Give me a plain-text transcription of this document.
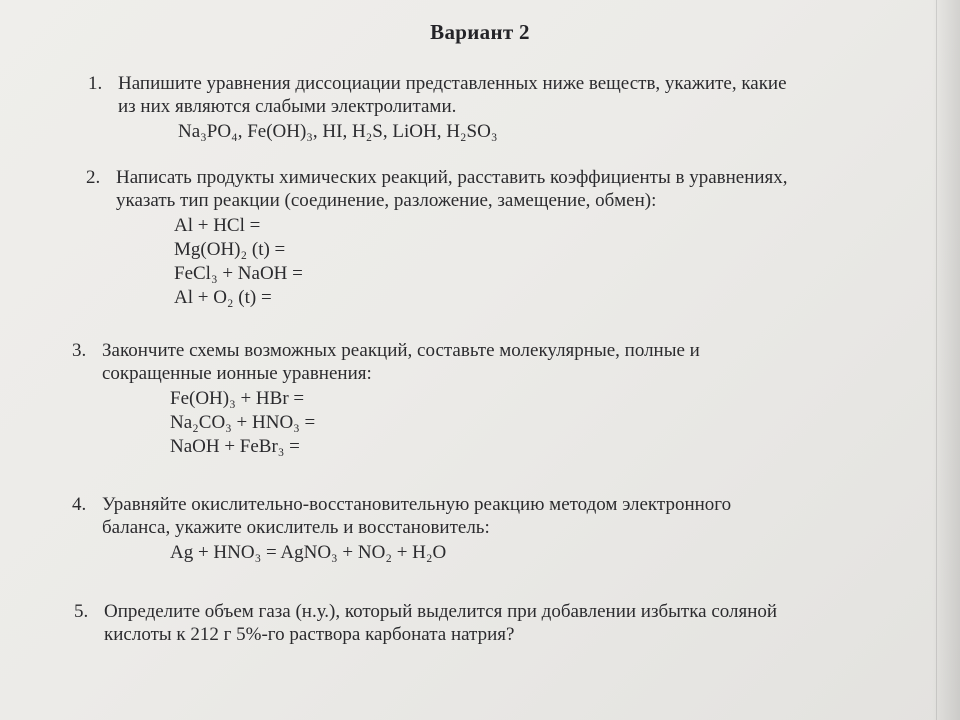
Вариант 2
1. Напишите уравнения диссоциации представленных ниже веществ, укажите, какие
из них являются слабыми электролитами.
Na₃PO₄, Fe(OH)₃, HI, H₂S, LiOH, H₂SO₃
2. Написать продукты химических реакций, расставить коэффициенты в уравнениях,
указать тип реакции (соединение, разложение, замещение, обмен):
Al + HCl =
Mg(OH)₂ (t) =
FeCl₃ + NaOH =
Al + O₂ (t) =
3. Закончите схемы возможных реакций, составьте молекулярные, полные и
сокращенные ионные уравнения:
Fe(OH)₃ + HBr =
Na₂CO₃ + HNO₃ =
NaOH + FeBr₃ =
4. Уравняйте окислительно-восстановительную реакцию методом электронного
баланса, укажите окислитель и восстановитель:
Ag + HNO₃ = AgNO₃ + NO₂ + H₂O
5. Определите объем газа (н.у.), который выделится при добавлении избытка соляной
кислоты к 212 г 5%-го раствора карбоната натрия?
